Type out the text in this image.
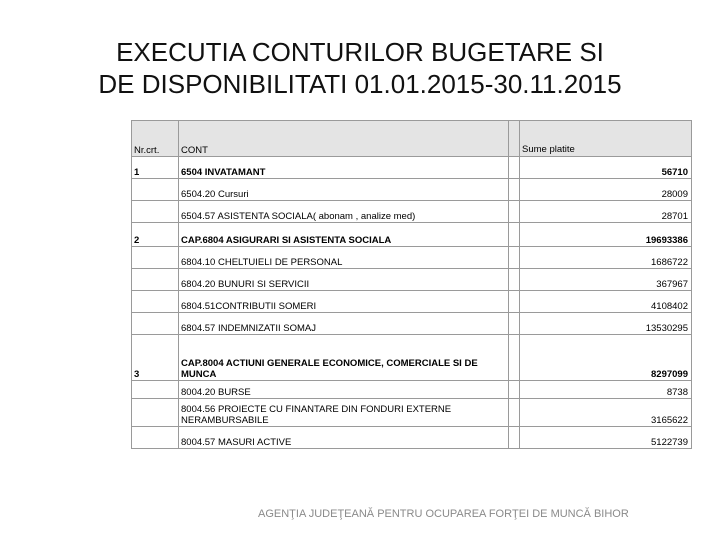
EXECUTIA CONTURILOR BUGETARE SI
DE DISPONIBILITATI 01.01.2015-30.11.2015
Nr.crt.	CONT		Sume platite
1	6504 INVATAMANT		56710
	6504.20 Cursuri		28009
	6504.57 ASISTENTA SOCIALA( abonam , analize med)		28701
2	CAP.6804 ASIGURARI SI ASISTENTA SOCIALA		19693386
	6804.10 CHELTUIELI DE PERSONAL		1686722
	6804.20 BUNURI SI SERVICII		367967
	6804.51CONTRIBUTII SOMERI		4108402
	6804.57 INDEMNIZATII SOMAJ		13530295
3	CAP.8004 ACTIUNI GENERALE ECONOMICE, COMERCIALE SI DE MUNCA		8297099
	8004.20 BURSE		8738
	8004.56 PROIECTE CU FINANTARE DIN FONDURI EXTERNE NERAMBURSABILE		3165622
	8004.57 MASURI ACTIVE		5122739
AGENŢIA JUDEŢEANĂ PENTRU OCUPAREA FORŢEI DE MUNCĂ BIHOR
